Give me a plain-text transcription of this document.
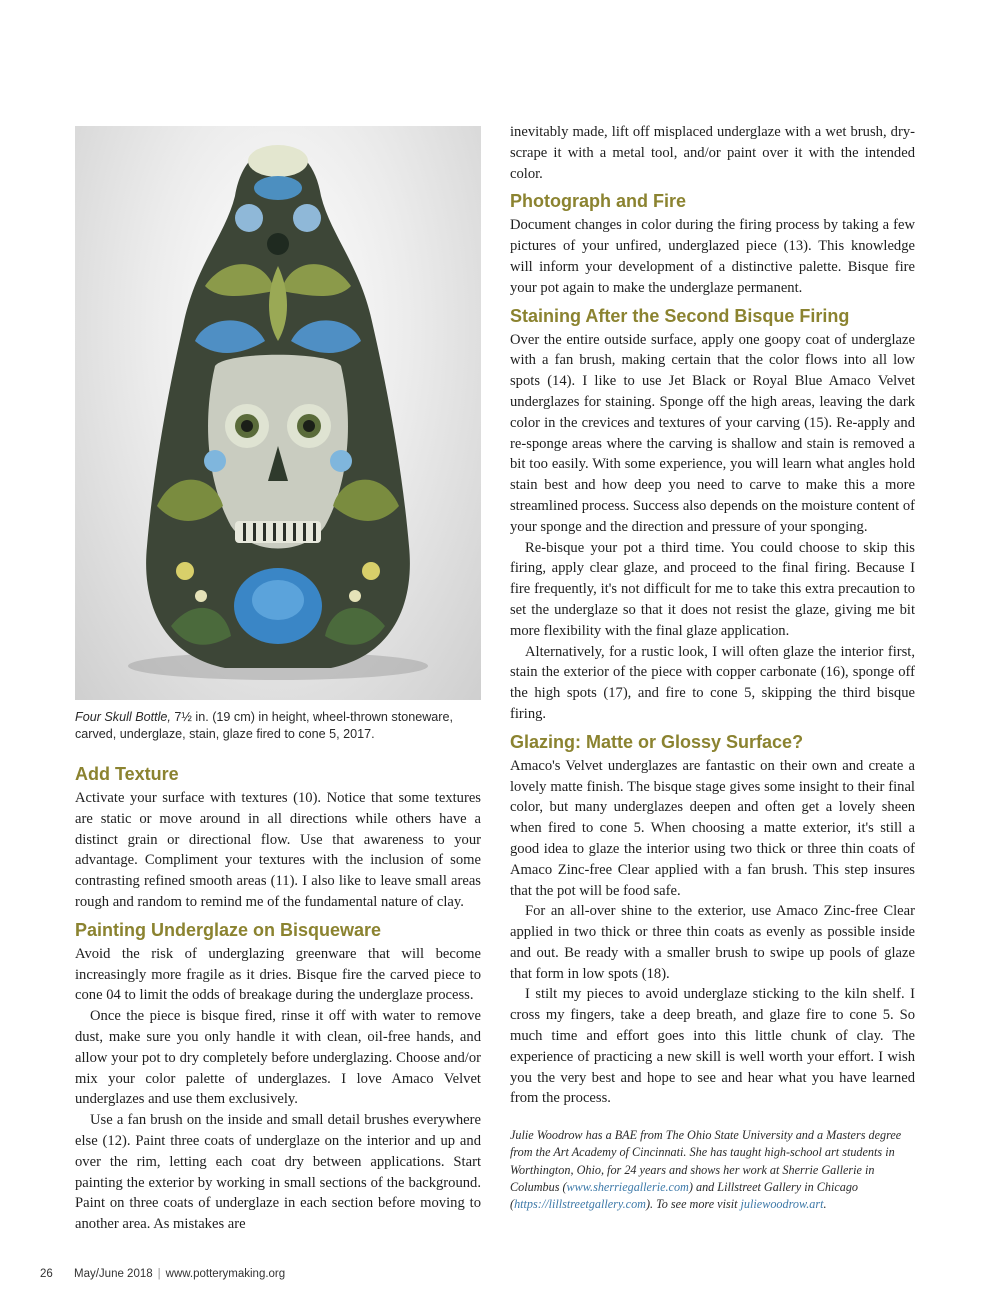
Four Skull Bottle, 7½ in. (19 cm) in height, wheel-thrown stoneware, carved, underglaze, stain, glaze fired to cone 5, 2017.
Add Texture

Activate your surface with textures (10). Notice that some textures are static or move around in all directions while others have a distinct grain or directional flow. Use that awareness to your advantage. Compliment your textures with the inclusion of some contrasting refined smooth areas (11). I also like to leave small areas rough and random to remind me of the fundamental nature of clay.

Painting Underglaze on Bisqueware

Avoid the risk of underglazing greenware that will become increasingly more fragile as it dries. Bisque fire the carved piece to cone 04 to limit the odds of breakage during the underglaze process.

Once the piece is bisque fired, rinse it off with water to remove dust, make sure you only handle it with clean, oil-free hands, and allow your pot to dry completely before underglazing. Choose and/or mix your color palette of underglazes. I love Amaco Velvet underglazes and use them exclusively.

Use a fan brush on the inside and small detail brushes everywhere else (12). Paint three coats of underglaze on the interior and up and over the rim, letting each coat dry between applications. Start painting the exterior by working in small sections of the background. Paint on three coats of underglaze in each section before moving to another area. As mistakes are

inevitably made, lift off misplaced underglaze with a wet brush, dry-scrape it with a metal tool, and/or paint over it with the intended color.

Photograph and Fire

Document changes in color during the firing process by taking a few pictures of your unfired, underglazed piece (13). This knowledge will inform your development of a distinctive palette. Bisque fire your pot again to make the underglaze permanent.

Staining After the Second Bisque Firing

Over the entire outside surface, apply one goopy coat of underglaze with a fan brush, making certain that the color flows into all low spots (14). I like to use Jet Black or Royal Blue Amaco Velvet underglazes for staining. Sponge off the high areas, leaving the dark color in the crevices and textures of your carving (15). Re-apply and re-sponge areas where the carving is shallow and stain is removed a bit too easily. With some experience, you will learn what angles hold stain best and how deep you need to carve to make this a more streamlined process. Success also depends on the moisture content of your sponge and the direction and pressure of your sponging.

Re-bisque your pot a third time. You could choose to skip this firing, apply clear glaze, and proceed to the final firing. Because I fire frequently, it's not difficult for me to take this extra precaution to set the underglaze so that it does not resist the glaze, giving me bit more flexibility with the final glaze application.

Alternatively, for a rustic look, I will often glaze the interior first, stain the exterior of the piece with copper carbonate (16), sponge off the high spots (17), and fire to cone 5, skipping the third bisque firing.

Glazing: Matte or Glossy Surface?

Amaco's Velvet underglazes are fantastic on their own and create a lovely matte finish. The bisque stage gives some insight to their final color, but many underglazes deepen and often get a lovely sheen when fired to cone 5. When choosing a matte exterior, it's still a good idea to glaze the interior using two thick or three thin coats of Amaco Zinc-free Clear applied with a fan brush. This step insures that the pot will be food safe.

For an all-over shine to the exterior, use Amaco Zinc-free Clear applied in two thick or three thin coats as evenly as possible inside and out. Be ready with a smaller brush to swipe up pools of glaze that form in low spots (18).

I stilt my pieces to avoid underglaze sticking to the kiln shelf. I cross my fingers, take a deep breath, and glaze fire to cone 5. So much time and effort goes into this little chunk of clay. The experience of practicing a new skill is well worth your effort. I wish you the very best and hope to see and hear what you have learned from the process.

Julie Woodrow has a BAE from The Ohio State University and a Masters degree from the Art Academy of Cincinnati. She has taught high-school art students in Worthington, Ohio, for 24 years and shows her work at Sherrie Gallerie in Columbus (www.sherriegallerie.com) and Lillstreet Gallery in Chicago (https://lillstreetgallery.com). To see more visit juliewoodrow.art.

26 May/June 2018 | www.potterymaking.org
